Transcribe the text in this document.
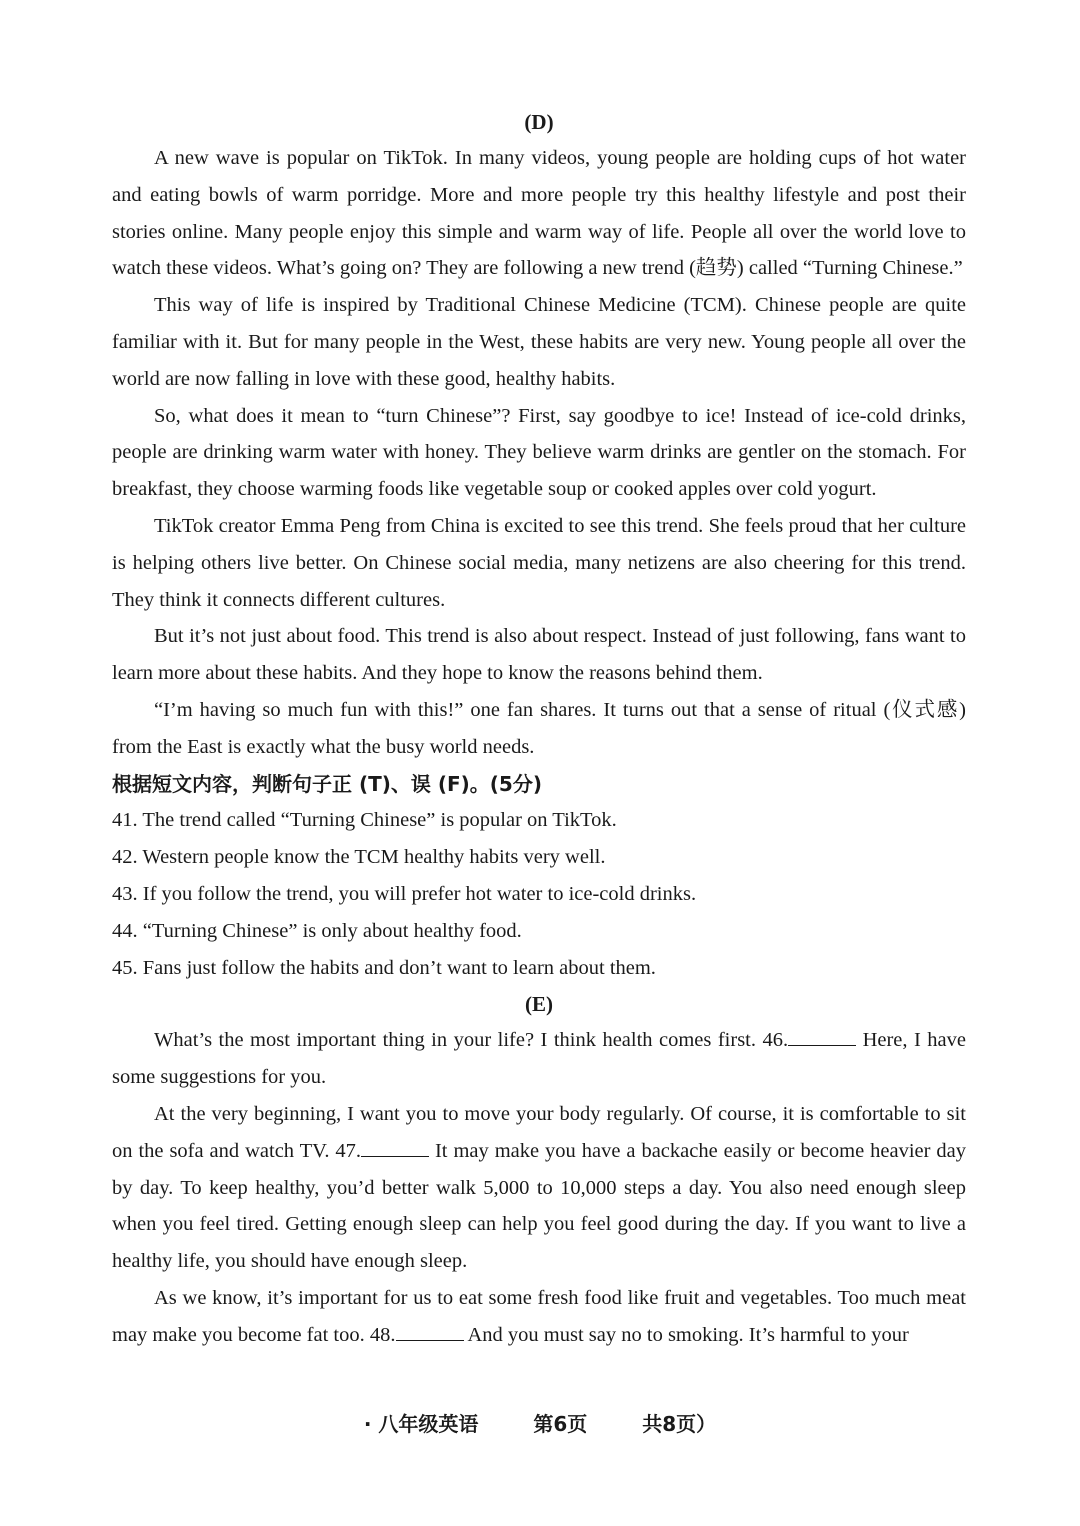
(D)

A new wave is popular on TikTok. In many videos, young people are holding cups of hot water and eating bowls of warm porridge. More and more people try this healthy lifestyle and post their stories online. Many people enjoy this simple and warm way of life. People all over the world love to watch these videos. What’s going on? They are following a new trend (趋势) called “Turning Chinese.”

This way of life is inspired by Traditional Chinese Medicine (TCM). Chinese people are quite familiar with it. But for many people in the West, these habits are very new. Young people all over the world are now falling in love with these good, healthy habits.

So, what does it mean to “turn Chinese”? First, say goodbye to ice! Instead of ice-cold drinks, people are drinking warm water with honey. They believe warm drinks are gentler on the stomach. For breakfast, they choose warming foods like vegetable soup or cooked apples over cold yogurt.

TikTok creator Emma Peng from China is excited to see this trend. She feels proud that her culture is helping others live better. On Chinese social media, many netizens are also cheering for this trend. They think it connects different cultures.

But it’s not just about food. This trend is also about respect. Instead of just following, fans want to learn more about these habits. And they hope to know the reasons behind them.

“I’m having so much fun with this!” one fan shares. It turns out that a sense of ritual (仪式感) from the East is exactly what the busy world needs.

根据短文内容，判断句子正 (T)、误 (F)。(5分)

41. The trend called “Turning Chinese” is popular on TikTok.

42. Western people know the TCM healthy habits very well.

43. If you follow the trend, you will prefer hot water to ice-cold drinks.

44. “Turning Chinese” is only about healthy food.

45. Fans just follow the habits and don’t want to learn about them.

(E)

What’s the most important thing in your life? I think health comes first. 46.	Here, I have some suggestions for you.

At the very beginning, I want you to move your body regularly. Of course, it is comfortable to sit on the sofa and watch TV. 47.	It may make you have a backache easily or become heavier day by day. To keep healthy, you’d better walk 5,000 to 10,000 steps a day. You also need enough sleep when you feel tired. Getting enough sleep can help you feel good during the day. If you want to live a healthy life, you should have enough sleep.

As we know, it’s important for us to eat some fresh food like fruit and vegetables. Too much meat may make you become fat too. 48.	And you must say no to smoking. It’s harmful to your

· 八年级英语	第6页	共8页）
